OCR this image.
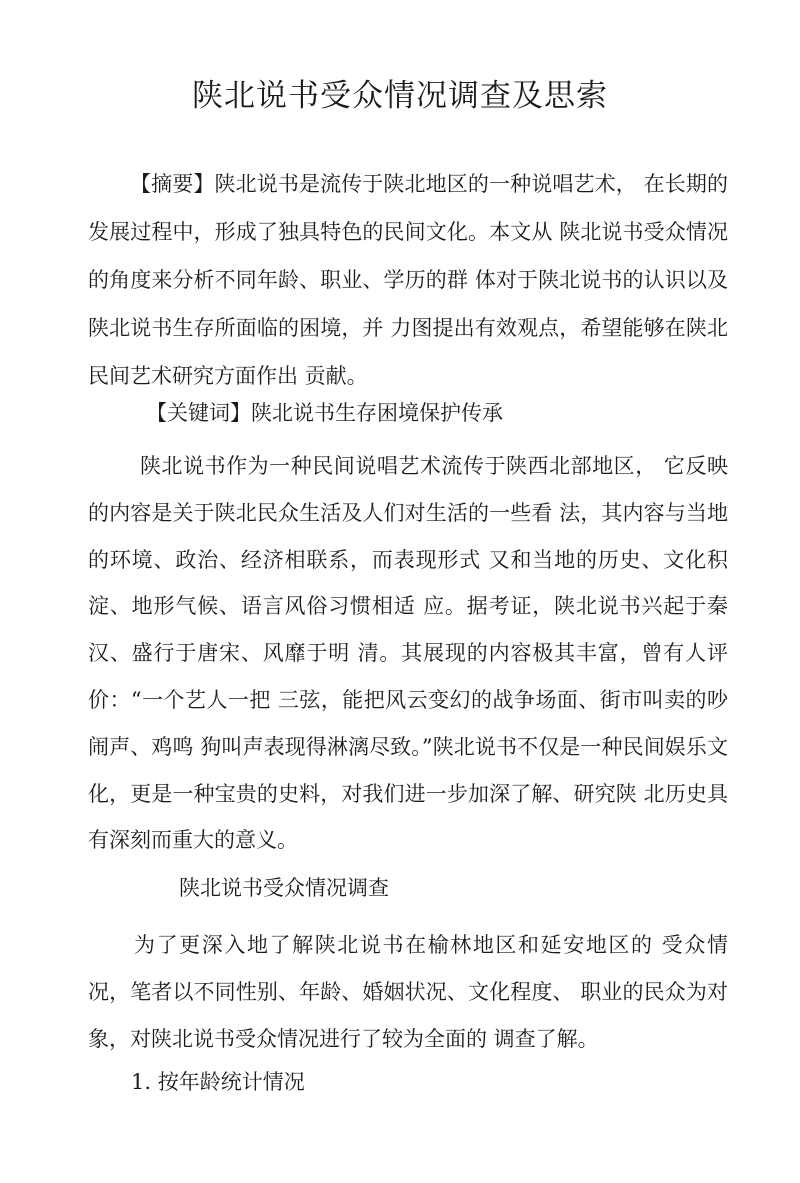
陕北说书受众情况调查及思索

【摘要】陕北说书是流传于陕北地区的一种说唱艺术， 在长期的发展过程中，形成了独具特色的民间文化。本文从 陕北说书受众情况的角度来分析不同年龄、职业、学历的群 体对于陕北说书的认识以及陕北说书生存所面临的困境，并 力图提出有效观点，希望能够在陕北民间艺术研究方面作出 贡献。

【关键词】陕北说书生存困境保护传承

陕北说书作为一种民间说唱艺术流传于陕西北部地区， 它反映的内容是关于陕北民众生活及人们对生活的一些看 法，其内容与当地的环境、政治、经济相联系，而表现形式 又和当地的历史、文化积淀、地形气候、语言风俗习惯相适 应。据考证，陕北说书兴起于秦汉、盛行于唐宋、风靡于明 清。其展现的内容极其丰富，曾有人评价：“一个艺人一把 三弦，能把风云变幻的战争场面、街市叫卖的吵闹声、鸡鸣 狗叫声表现得淋漓尽致。”陕北说书不仅是一种民间娱乐文 化，更是一种宝贵的史料，对我们进一步加深了解、研究陕 北历史具有深刻而重大的意义。

陕北说书受众情况调查

为了更深入地了解陕北说书在榆林地区和延安地区的 受众情况，笔者以不同性别、年龄、婚姻状况、文化程度、 职业的民众为对象，对陕北说书受众情况进行了较为全面的 调查了解。

1. 按年龄统计情况
